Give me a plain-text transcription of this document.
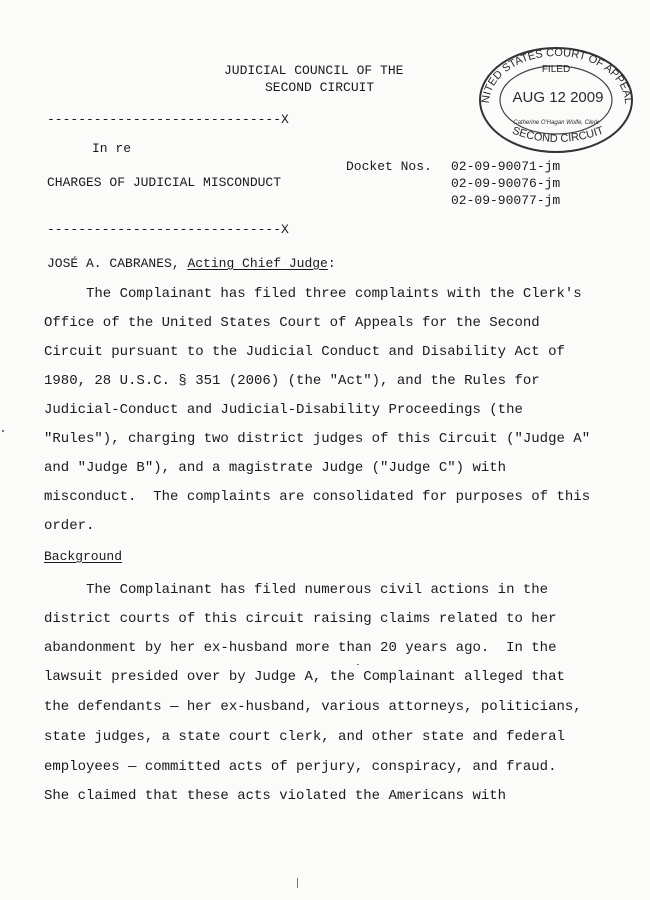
JUDICIAL COUNCIL OF THE
SECOND CIRCUIT
------------------------------X
In re
CHARGES OF JUDICIAL MISCONDUCT
Docket Nos. 02-09-90071-jm
02-09-90076-jm
02-09-90077-jm
------------------------------X
NITED STATES COURT OF APPEAL
FILED
AUG 12 2009
Catherine O'Hagan Wolfe, Clerk
SECOND CIRCUIT
JOSÉ A. CABRANES, Acting Chief Judge:
The Complainant has filed three complaints with the Clerk's
Office of the United States Court of Appeals for the Second
Circuit pursuant to the Judicial Conduct and Disability Act of
1980, 28 U.S.C. § 351 (2006) (the "Act"), and the Rules for
Judicial-Conduct and Judicial-Disability Proceedings (the
"Rules"), charging two district judges of this Circuit ("Judge A"
and "Judge B"), and a magistrate Judge ("Judge C") with
misconduct.  The complaints are consolidated for purposes of this
order.
Background
The Complainant has filed numerous civil actions in the
district courts of this circuit raising claims related to her
abandonment by her ex-husband more than 20 years ago.  In the
lawsuit presided over by Judge A, the Complainant alleged that
the defendants — her ex-husband, various attorneys, politicians,
state judges, a state court clerk, and other state and federal
employees — committed acts of perjury, conspiracy, and fraud.
She claimed that these acts violated the Americans with
